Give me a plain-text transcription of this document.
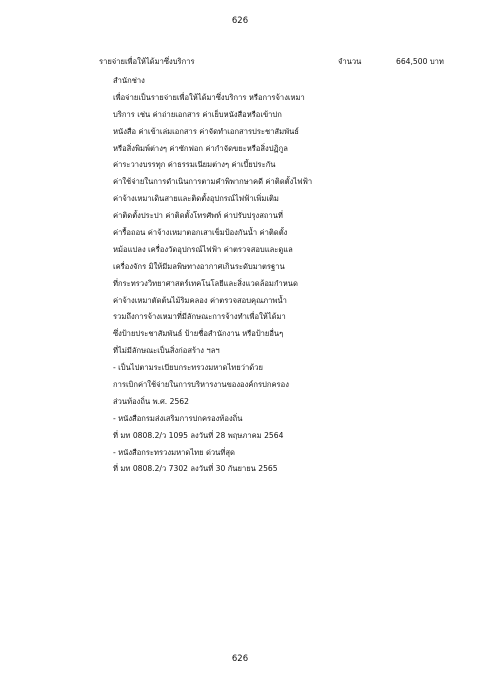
626
รายจ่ายเพื่อให้ได้มาซึ่งบริการ	จำนวน	664,500 บาท
สำนักช่าง
เพื่อจ่ายเป็นรายจ่ายเพื่อให้ได้มาซึ่งบริการ หรือการจ้างเหมา
บริการ เช่น ค่าถ่ายเอกสาร ค่าเย็บหนังสือหรือเข้าปก
หนังสือ ค่าเข้าเล่มเอกสาร ค่าจัดทำเอกสารประชาสัมพันธ์
หรือสิ่งพิมพ์ต่างๆ ค่าซักฟอก ค่ากำจัดขยะหรือสิ่งปฏิกูล
ค่าระวางบรรทุก ค่าธรรมเนียมต่างๆ ค่าเบี้ยประกัน
ค่าใช้จ่ายในการดำเนินการตามคำพิพากษาคดี ค่าติดตั้งไฟฟ้า
ค่าจ้างเหมาเดินสายและติดตั้งอุปกรณ์ไฟฟ้าเพิ่มเติม
ค่าติดตั้งประปา ค่าติดตั้งโทรศัพท์ ค่าปรับปรุงสถานที่
ค่ารื้อถอน ค่าจ้างเหมาตอกเสาเข็มป้องกันน้ำ ค่าติดตั้ง
หม้อแปลง เครื่องวัดอุปกรณ์ไฟฟ้า ค่าตรวจสอบและดูแล
เครื่องจักร มิให้มีมลพิษทางอากาศเกินระดับมาตรฐาน
ที่กระทรวงวิทยาศาสตร์เทคโนโลยีและสิ่งแวดล้อมกำหนด
ค่าจ้างเหมาตัดต้นไม้ริมคลอง ค่าตรวจสอบคุณภาพน้ำ
รวมถึงการจ้างเหมาที่มีลักษณะการจ้างทำเพื่อให้ได้มา
ซึ่งป้ายประชาสัมพันธ์ ป้ายชื่อสำนักงาน หรือป้ายอื่นๆ
ที่ไม่มีลักษณะเป็นสิ่งก่อสร้าง ฯลฯ
- เป็นไปตามระเบียบกระทรวงมหาดไทยว่าด้วย
การเบิกค่าใช้จ่ายในการบริหารงานขององค์กรปกครอง
ส่วนท้องถิ่น พ.ศ. 2562
- หนังสือกรมส่งเสริมการปกครองท้องถิ่น
ที่ มท 0808.2/ว 1095 ลงวันที่ 28 พฤษภาคม 2564
- หนังสือกระทรวงมหาดไทย ด่วนที่สุด
ที่ มท 0808.2/ว 7302 ลงวันที่ 30 กันยายน 2565
626
